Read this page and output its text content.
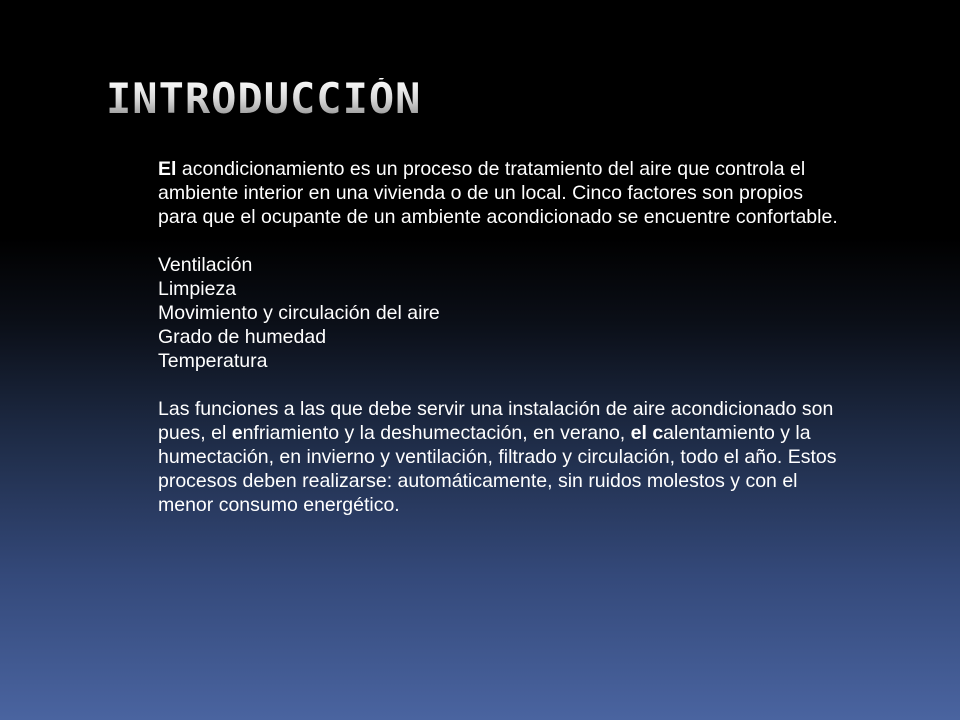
INTRODUCCIÓN

El acondicionamiento es un proceso de tratamiento del aire que controla el ambiente interior en una vivienda o de un local. Cinco factores son propios para que el ocupante de un ambiente acondicionado se encuentre confortable.

Ventilación
Limpieza
Movimiento y circulación del aire
Grado de humedad
Temperatura

Las funciones a las que debe servir una instalación de aire acondicionado son pues, el enfriamiento y la deshumectación, en verano, el calentamiento y la humectación, en invierno y ventilación, filtrado y circulación, todo el año. Estos procesos deben realizarse: automáticamente, sin ruidos molestos y con el menor consumo energético.
